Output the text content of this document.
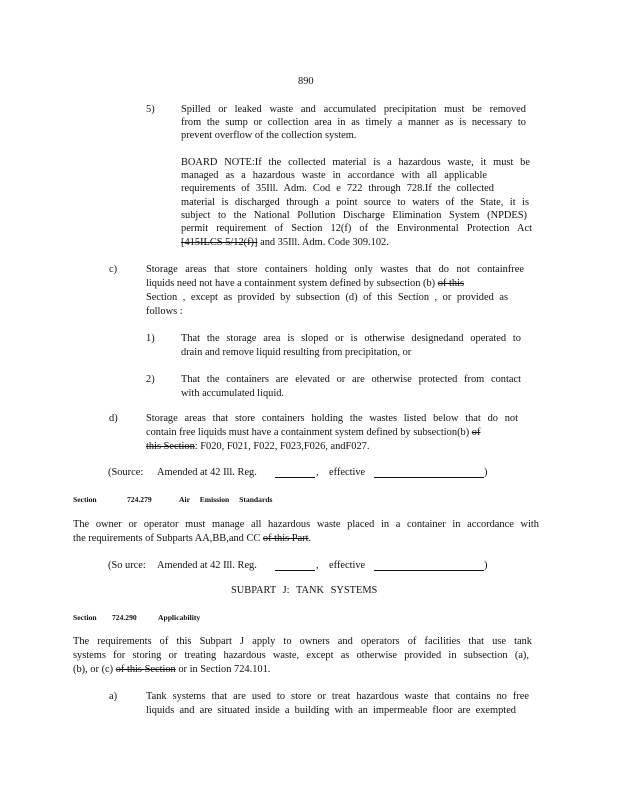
890
5)	Spilled or leaked waste and accumulated precipitation must be removed
from the sump or collection area in as timely a manner as is necessary to
prevent overflow of the collection system.
BOARD NOTE:If the collected material is a hazardous waste, it must be
managed as a hazardous waste in accordance with all applicable
requirements of 35Ill. Adm. Cod e 722 through 728.If the collected
material is discharged through a point source to waters of the State, it is
subject to the National Pollution Discharge Elimination System (NPDES)
permit requirement of Section 12(f) of the Environmental Protection Act
[415ILCS 5/12(f)] and 35Ill. Adm. Code 309.102.
c)	Storage areas that store containers holding only wastes that do not containfree
liquids need not have a containment system defined by subsection (b) of this
Section , except as provided by subsection (d) of this Section , or provided as
follows :
1)	That the storage area is sloped or is otherwise designedand operated to
drain and remove liquid resulting from precipitation, or
2)	That the containers are elevated or are otherwise protected from contact
with accumulated liquid.
d)	Storage areas that store containers holding the wastes listed below that do not
contain free liquids must have a containment system defined by subsection(b) of
this Section: F020, F021, F022, F023,F026, andF027.
(Source: Amended at 42 Ill. Reg.	, effective	)
Section	724.279	Air Emission Standards
The owner or operator must manage all hazardous waste placed in a container in accordance with
the requirements of Subparts AA,BB,and CC of this Part.
(So urce: Amended at 42 Ill. Reg.	, effective	)
SUBPART J: TANK SYSTEMS
Section 724.290	Applicability
The requirements of this Subpart J apply to owners and operators of facilities that use tank
systems for storing or treating hazardous waste, except as otherwise provided in subsection (a),
(b), or (c) of this Section or in Section 724.101.
a)	Tank systems that are used to store or treat hazardous waste that contains no free
liquids and are situated inside a building with an impermeable floor are exempted
